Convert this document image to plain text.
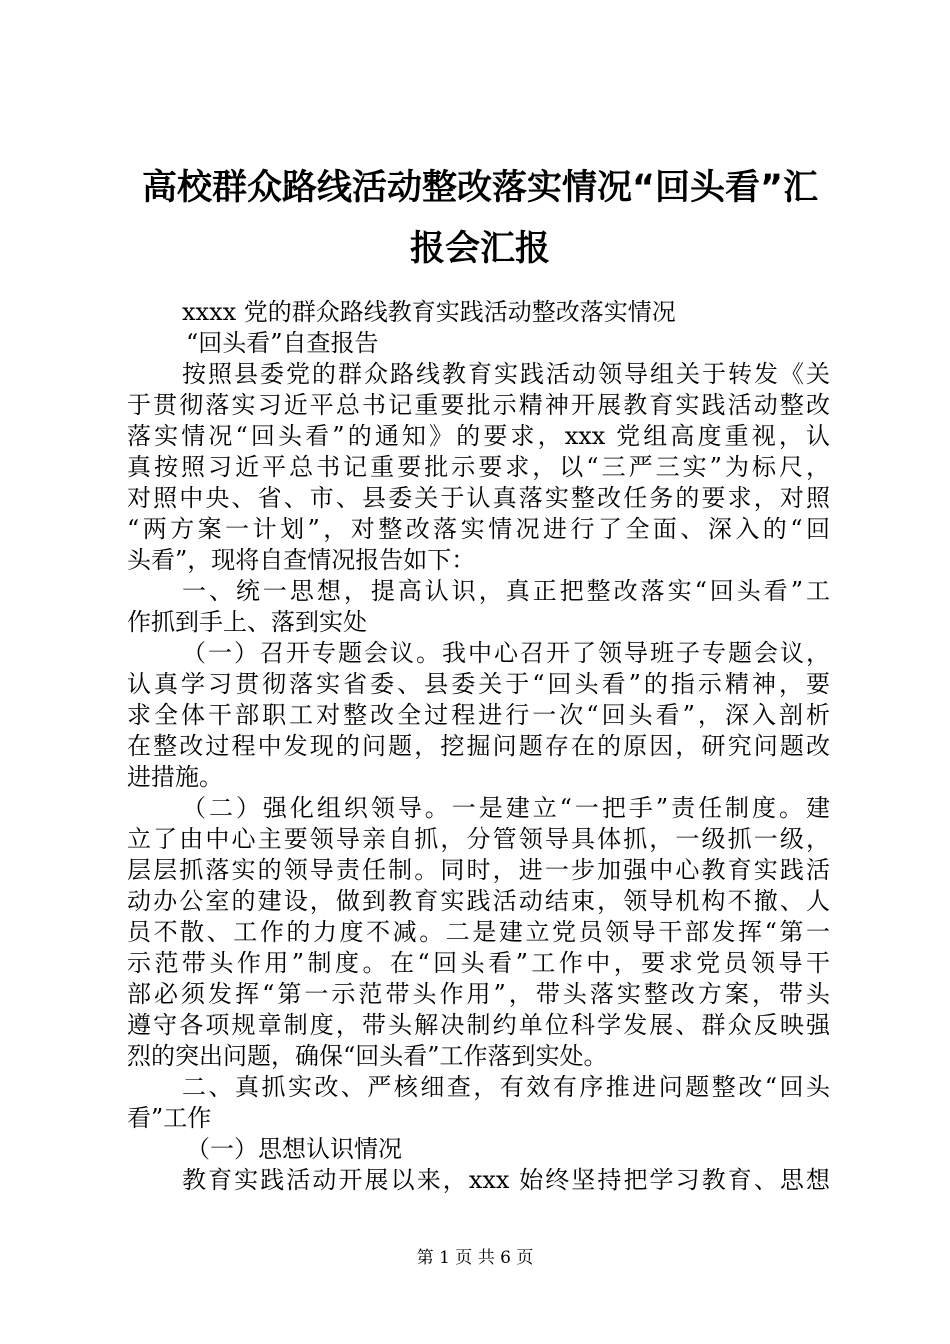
高校群众路线活动整改落实情况“回头看”汇
报会汇报
xxxx 党的群众路线教育实践活动整改落实情况
“回头看”自查报告
按照县委党的群众路线教育实践活动领导组关于转发《关
于贯彻落实习近平总书记重要批示精神开展教育实践活动整改
落实情况“回头看”的通知》的要求，xxx 党组高度重视，认
真按照习近平总书记重要批示要求，以“三严三实”为标尺，
对照中央、省、市、县委关于认真落实整改任务的要求，对照
“两方案一计划”，对整改落实情况进行了全面、深入的“回
头看”，现将自查情况报告如下：
一、统一思想，提高认识，真正把整改落实“回头看”工
作抓到手上、落到实处
（一）召开专题会议。我中心召开了领导班子专题会议，
认真学习贯彻落实省委、县委关于“回头看”的指示精神，要
求全体干部职工对整改全过程进行一次“回头看”，深入剖析
在整改过程中发现的问题，挖掘问题存在的原因，研究问题改
进措施。
（二）强化组织领导。一是建立“一把手”责任制度。建
立了由中心主要领导亲自抓，分管领导具体抓，一级抓一级，
层层抓落实的领导责任制。同时，进一步加强中心教育实践活
动办公室的建设，做到教育实践活动结束，领导机构不撤、人
员不散、工作的力度不减。二是建立党员领导干部发挥“第一
示范带头作用”制度。在“回头看”工作中，要求党员领导干
部必须发挥“第一示范带头作用”，带头落实整改方案，带头
遵守各项规章制度，带头解决制约单位科学发展、群众反映强
烈的突出问题，确保“回头看”工作落到实处。
二、真抓实改、严核细查，有效有序推进问题整改“回头
看”工作
（一）思想认识情况
教育实践活动开展以来，xxx 始终坚持把学习教育、思想
第 1 页 共 6 页
